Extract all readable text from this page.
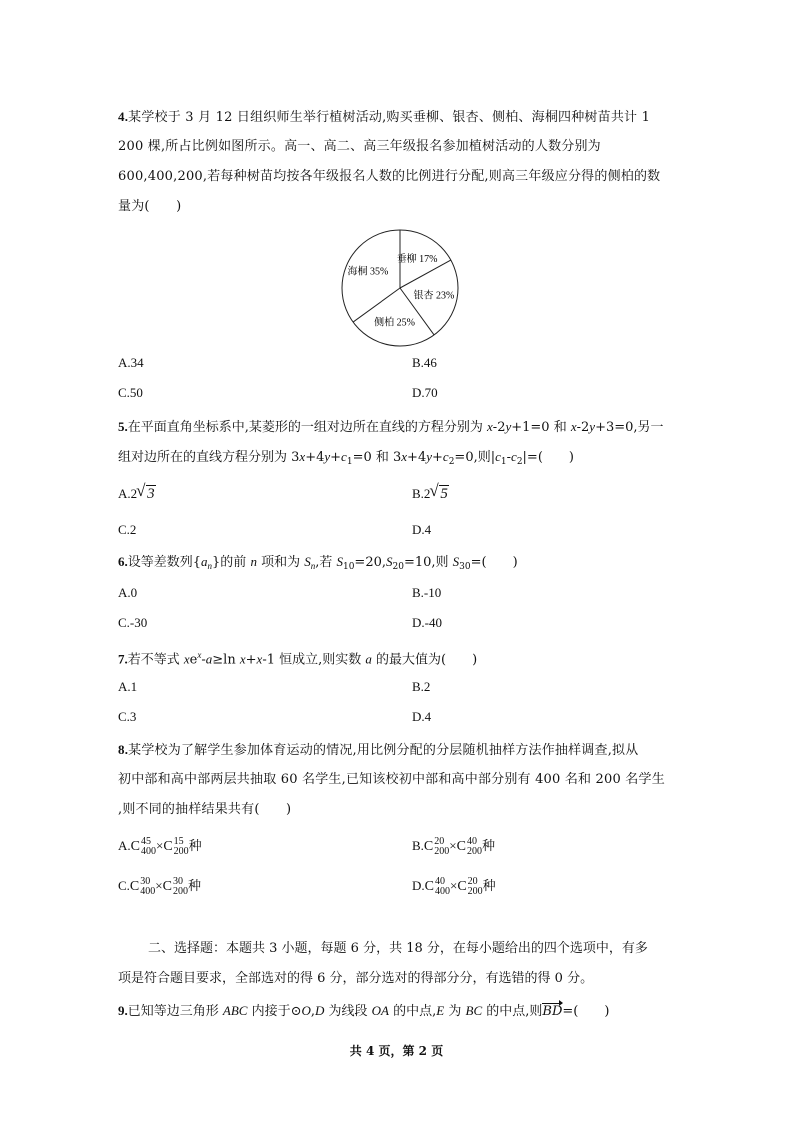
4.某学校于 3 月 12 日组织师生举行植树活动,购买垂柳、银杏、侧柏、海桐四种树苗共计 1
200 棵,所占比例如图所示。高一、高二、高三年级报名参加植树活动的人数分别为
600,400,200,若每种树苗均按各年级报名人数的比例进行分配,则高三年级应分得的侧柏的数
量为(　　)
垂柳 17%
银杏 23%
侧柏 25%
海桐 35%
A.34	B.46
C.50	D.70
5.在平面直角坐标系中,某菱形的一组对边所在直线的方程分别为 x-2y+1=0 和 x-2y+3=0,另一
组对边所在的直线方程分别为 $3x+4y+c_1=0$ 和 $3x+4y+c_2=0$,则$|c_1-c_2|=$(　　)
A.2 √ 3	B.2 √ 5
C.2	D.4
6.设等差数列$\{a_n\}$的前 n 项和为 $S_n$,若 $S_{10}=20,S_{20}=10$,则 $S_{30}=$(　　)
A.0	B.-10
C.-30	D.-40
7.若不等式 $xe^x-a\ge\ln$ x+x-1 恒成立,则实数 a 的最大值为(　　)
A.1	B.2
C.3	D.4
8.某学校为了解学生参加体育运动的情况,用比例分配的分层随机抽样方法作抽样调查,拟从
初中部和高中部两层共抽取 60 名学生,已知该校初中部和高中部分别有 400 名和 200 名学生
,则不同的抽样结果共有(　　)
A. C 45
400 × C 15
200 种	B. C 20
200 × C 40
200 种
C. C 30
400 × C 30
200 种	D. C 40
400 × C 20
200 种
二、选择题：本题共 3 小题，每题 6 分，共 18 分，在每小题给出的四个选项中，有多
项是符合题目要求，全部选对的得 6 分，部分选对的得部分分，有选错的得 0 分。
9.已知等边三角形 ABC 内接于⊙O,D 为线段 OA 的中点,E 为 BC 的中点,则BD=(　　)
共 4 页，第 2 页
